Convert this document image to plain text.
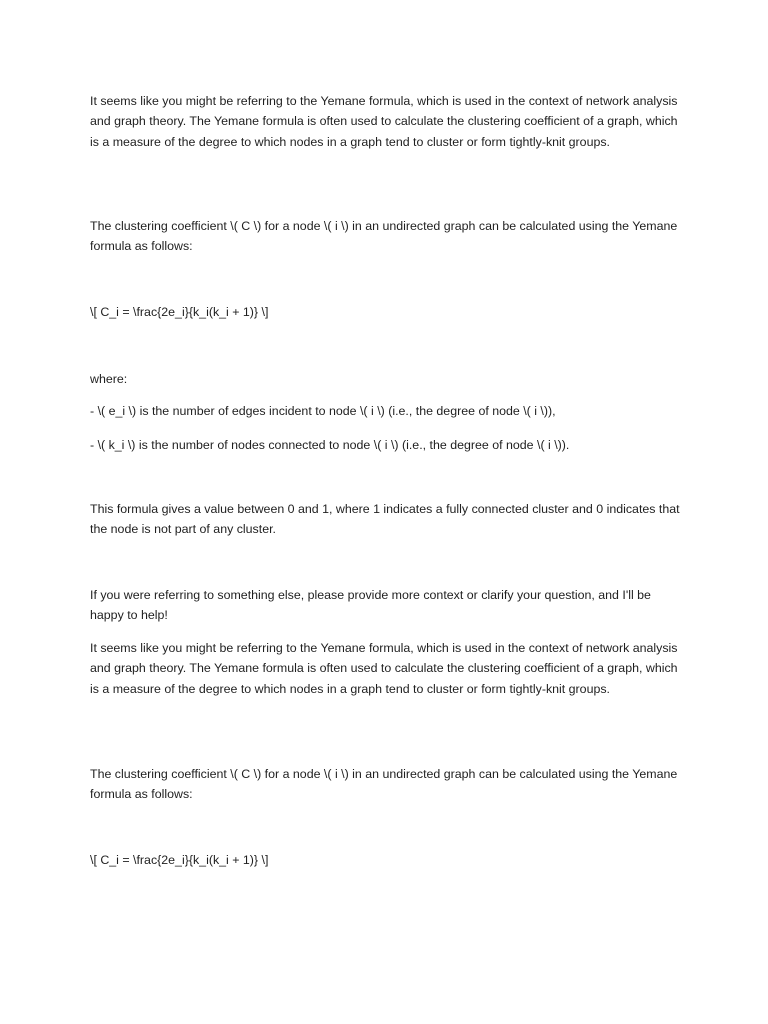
It seems like you might be referring to the Yemane formula, which is used in the context of network analysis and graph theory. The Yemane formula is often used to calculate the clustering coefficient of a graph, which is a measure of the degree to which nodes in a graph tend to cluster or form tightly-knit groups.

The clustering coefficient \( C \) for a node \( i \) in an undirected graph can be calculated using the Yemane formula as follows:

\[ C_i = \frac{2e_i}{k_i(k_i + 1)} \]

where:

- \( e_i \) is the number of edges incident to node \( i \) (i.e., the degree of node \( i \)),

- \( k_i \) is the number of nodes connected to node \( i \) (i.e., the degree of node \( i \)).

This formula gives a value between 0 and 1, where 1 indicates a fully connected cluster and 0 indicates that the node is not part of any cluster.

If you were referring to something else, please provide more context or clarify your question, and I'll be happy to help!

It seems like you might be referring to the Yemane formula, which is used in the context of network analysis and graph theory. The Yemane formula is often used to calculate the clustering coefficient of a graph, which is a measure of the degree to which nodes in a graph tend to cluster or form tightly-knit groups.

The clustering coefficient \( C \) for a node \( i \) in an undirected graph can be calculated using the Yemane formula as follows:

\[ C_i = \frac{2e_i}{k_i(k_i + 1)} \]
